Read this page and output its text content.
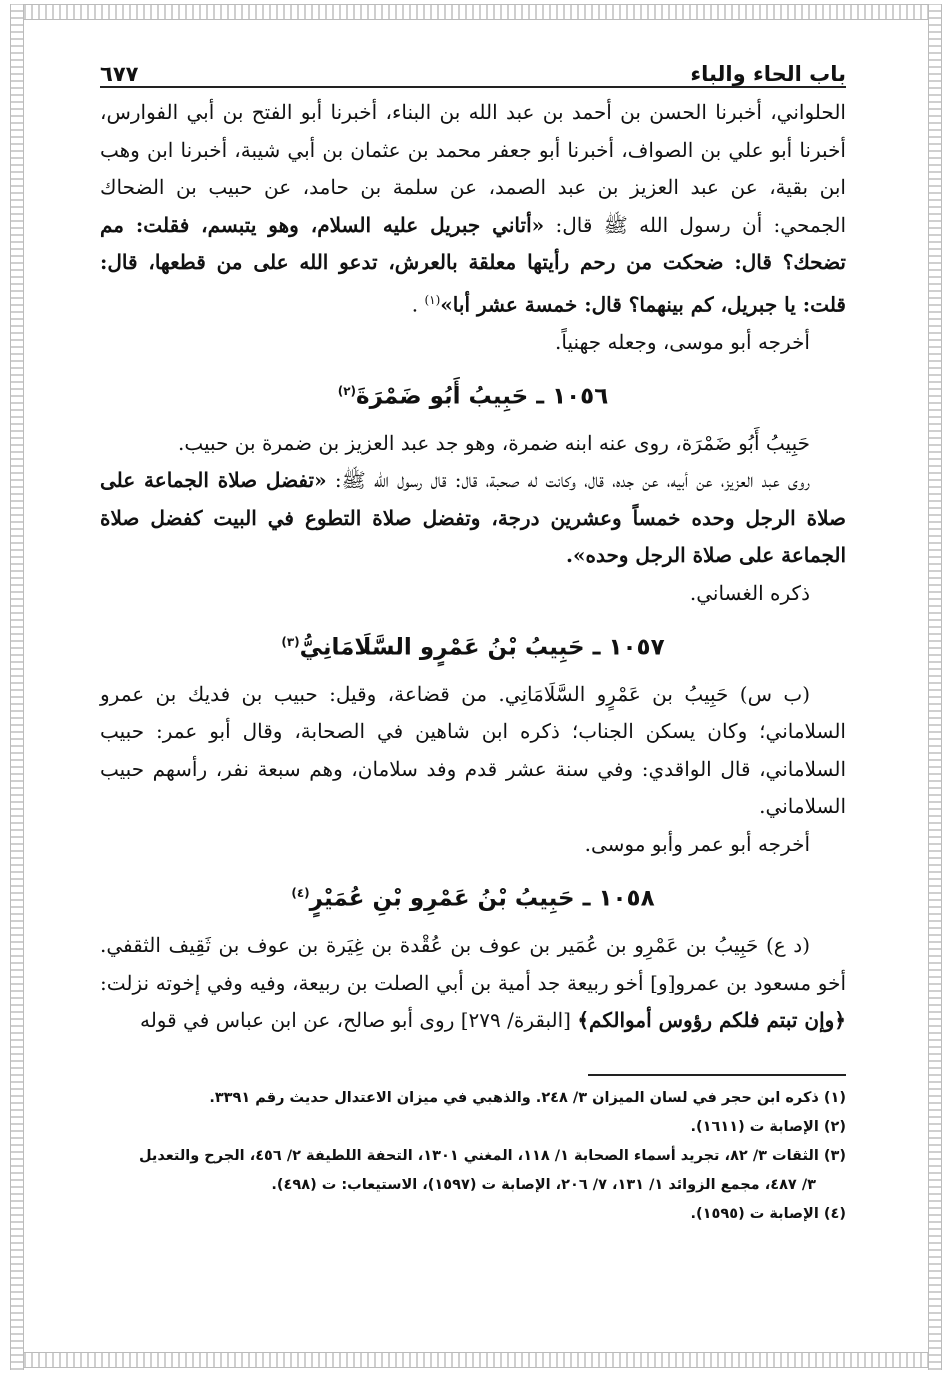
باب الحاء والباء
٦٧٧

الحلواني، أخبرنا الحسن بن أحمد بن عبد الله بن البناء، أخبرنا أبو الفتح بن أبي الفوارس، أخبرنا أبو علي بن الصواف، أخبرنا أبو جعفر محمد بن عثمان بن أبي شيبة، أخبرنا ابن وهب ابن بقية، عن عبد العزيز بن عبد الصمد، عن سلمة بن حامد، عن حبيب بن الضحاك الجمحي: أن رسول الله ﷺ قال: «أتاني جبريل عليه السلام، وهو يتبسم، فقلت: مم تضحك؟ قال: ضحكت من رحم رأيتها معلقة بالعرش، تدعو الله على من قطعها، قال: قلت: يا جبريل، كم بينهما؟ قال: خمسة عشر أبا»$^{(١)}$ .

أخرجه أبو موسى، وجعله جهنياً.

١٠٥٦ ـ حَبِيبُ أَبُو ضَمْرَةَ$^{(٢)}$

حَبِيبُ أَبُو ضَمْرَة، روى عنه ابنه ضمرة، وهو جد عبد العزيز بن ضمرة بن حبيب.

روى عبد العزيز، عن أبيه، عن جده، قال، وكانت له صحبة، قال: قال رسول الله ﷺ: «تفضل صلاة الجماعة على صلاة الرجل وحده خمساً وعشرين درجة، وتفضل صلاة التطوع في البيت كفضل صلاة الجماعة على صلاة الرجل وحده».

ذكره الغساني.

١٠٥٧ ـ حَبِيبُ بْنُ عَمْرٍو السَّلَامَانِيُّ$^{(٣)}$

(ب س) حَبِيبُ بن عَمْرٍو السَّلَامَانِي. من قضاعة، وقيل: حبيب بن فديك بن عمرو السلاماني؛ وكان يسكن الجناب؛ ذكره ابن شاهين في الصحابة، وقال أبو عمر: حبيب السلاماني، قال الواقدي: وفي سنة عشر قدم وفد سلامان، وهم سبعة نفر، رأسهم حبيب السلاماني.

أخرجه أبو عمر وأبو موسى.

١٠٥٨ ـ حَبِيبُ بْنُ عَمْرِو بْنِ عُمَيْرٍ$^{(٤)}$

(د ع) حَبِيبُ بن عَمْرِو بن عُمَير بن عوف بن عُقْدة بن غِيَرة بن عوف بن ثَقِيف الثقفي. أخو مسعود بن عمرو[و] أخو ربيعة جد أمية بن أبي الصلت بن ربيعة، وفيه وفي إخوته نزلت: ﴿وإن تبتم فلكم رؤوس أموالكم﴾ [البقرة/ ٢٧٩] روى أبو صالح، عن ابن عباس في قوله

(١) ذكره ابن حجر في لسان الميزان ٣/ ٢٤٨. والذهبي في ميزان الاعتدال حديث رقم ٣٣٩١.

(٢) الإصابة ت (١٦١١).

(٣) الثقات ٣/ ٨٢، تجريد أسماء الصحابة ١/ ١١٨، المغني ١٣٠١، التحفة اللطيفة ٢/ ٤٥٦، الجرح والتعديل

٣/ ٤٨٧، مجمع الزوائد ١/ ١٣١، ٧/ ٢٠٦، الإصابة ت (١٥٩٧)، الاستيعاب: ت (٤٩٨).

(٤) الإصابة ت (١٥٩٥).
